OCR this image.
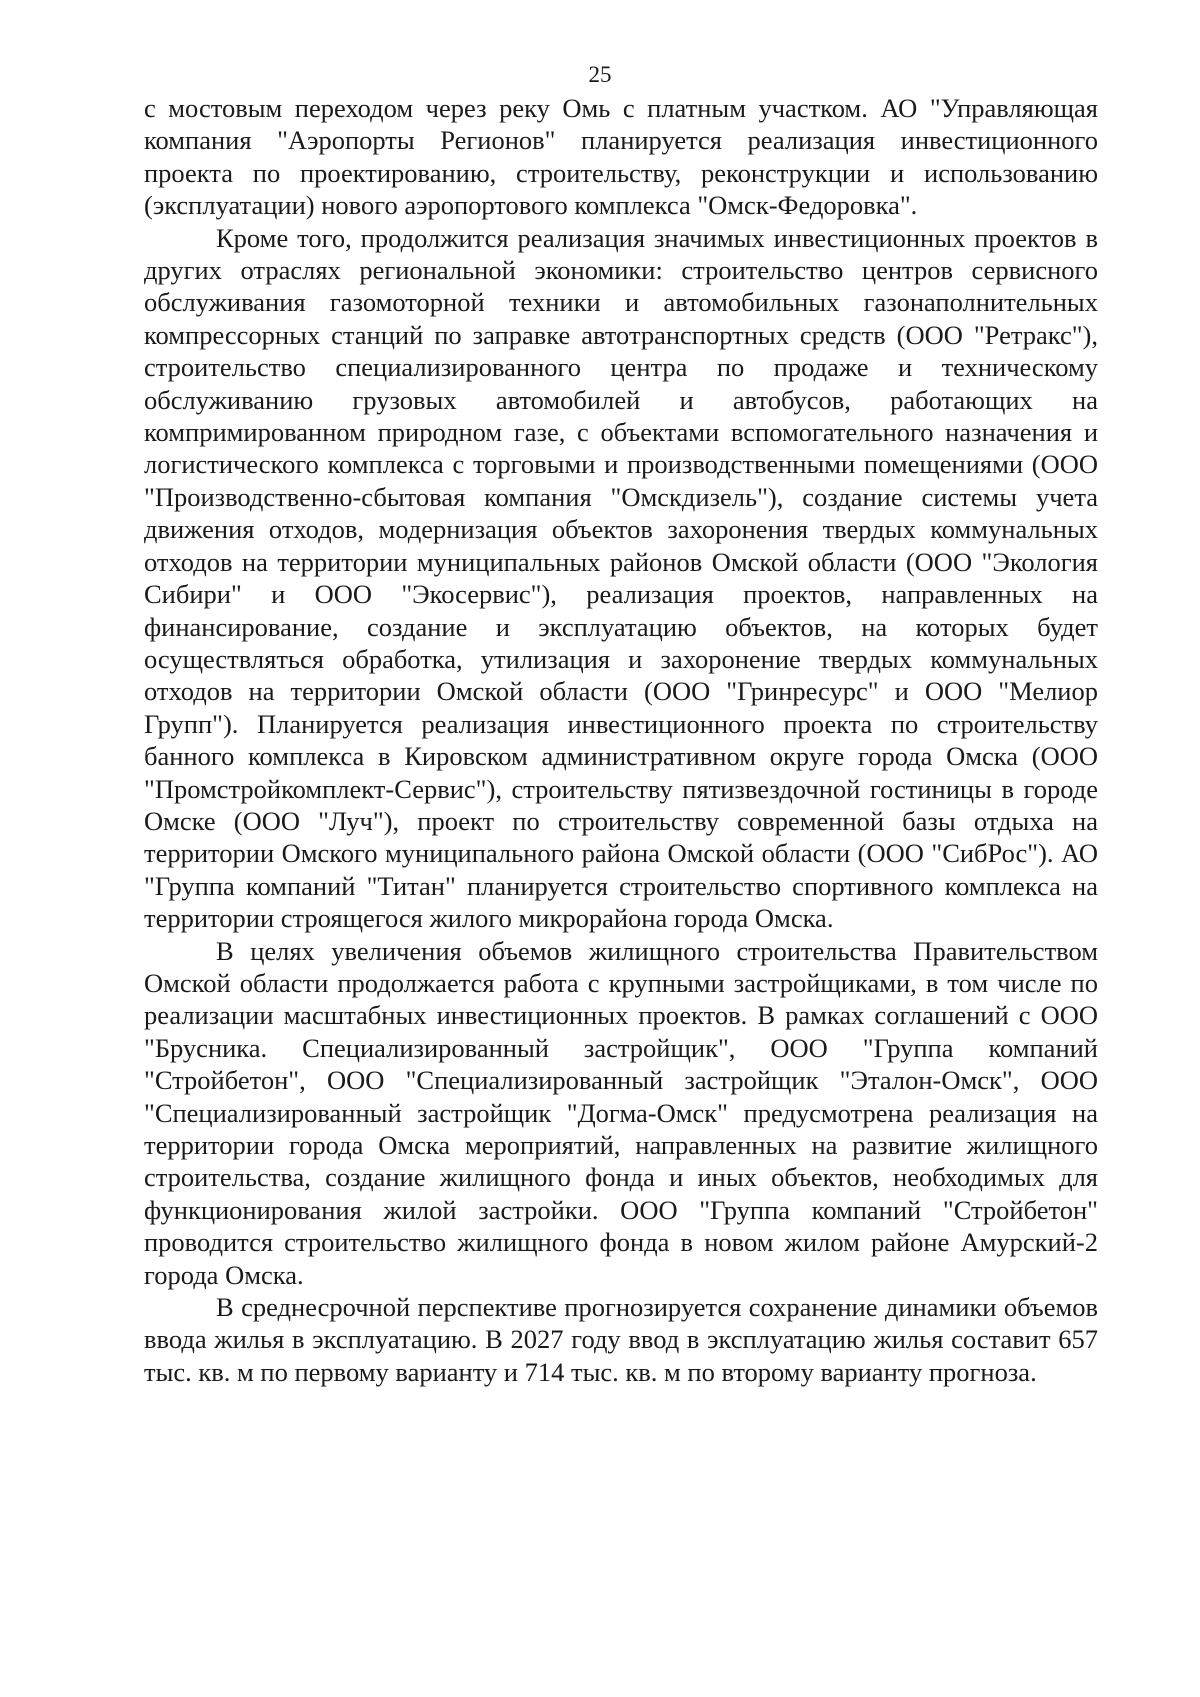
25

с мостовым переходом через реку Омь с платным участком. АО "Управляющая компания "Аэропорты Регионов" планируется реализация инвестиционного проекта по проектированию, строительству, реконструкции и использованию (эксплуатации) нового аэропортового комплекса "Омск-Федоровка".

Кроме того, продолжится реализация значимых инвестиционных проектов в других отраслях региональной экономики: строительство центров сервисного обслуживания газомоторной техники и автомобильных газонаполнительных компрессорных станций по заправке автотранспортных средств (ООО "Ретракс"), строительство специализированного центра по продаже и техническому обслуживанию грузовых автомобилей и автобусов, работающих на компримированном природном газе, с объектами вспомогательного назначения и логистического комплекса с торговыми и производственными помещениями (ООО "Производственно-сбытовая компания "Омскдизель"), создание системы учета движения отходов, модернизация объектов захоронения твердых коммунальных отходов на территории муниципальных районов Омской области (ООО "Экология Сибири" и ООО "Экосервис"), реализация проектов, направленных на финансирование, создание и эксплуатацию объектов, на которых будет осуществляться обработка, утилизация и захоронение твердых коммунальных отходов на территории Омской области (ООО "Гринресурс" и ООО "Мелиор Групп"). Планируется реализация инвестиционного проекта по строительству банного комплекса в Кировском административном округе города Омска (ООО "Промстройкомплект-Сервис"), строительству пятизвездочной гостиницы в городе Омске (ООО "Луч"), проект по строительству современной базы отдыха на территории Омского муниципального района Омской области (ООО "СибРос"). АО "Группа компаний "Титан" планируется строительство спортивного комплекса на территории строящегося жилого микрорайона города Омска.

В целях увеличения объемов жилищного строительства Правительством Омской области продолжается работа с крупными застройщиками, в том числе по реализации масштабных инвестиционных проектов. В рамках соглашений с ООО "Брусника. Специализированный застройщик", ООО "Группа компаний "Стройбетон", ООО "Специализированный застройщик "Эталон-Омск", ООО "Специализированный застройщик "Догма-Омск" предусмотрена реализация на территории города Омска мероприятий, направленных на развитие жилищного строительства, создание жилищного фонда и иных объектов, необходимых для функционирования жилой застройки. ООО "Группа компаний "Стройбетон" проводится строительство жилищного фонда в новом жилом районе Амурский-2 города Омска.

В среднесрочной перспективе прогнозируется сохранение динамики объемов ввода жилья в эксплуатацию. В 2027 году ввод в эксплуатацию жилья составит 657 тыс. кв. м по первому варианту и 714 тыс. кв. м по второму варианту прогноза.
